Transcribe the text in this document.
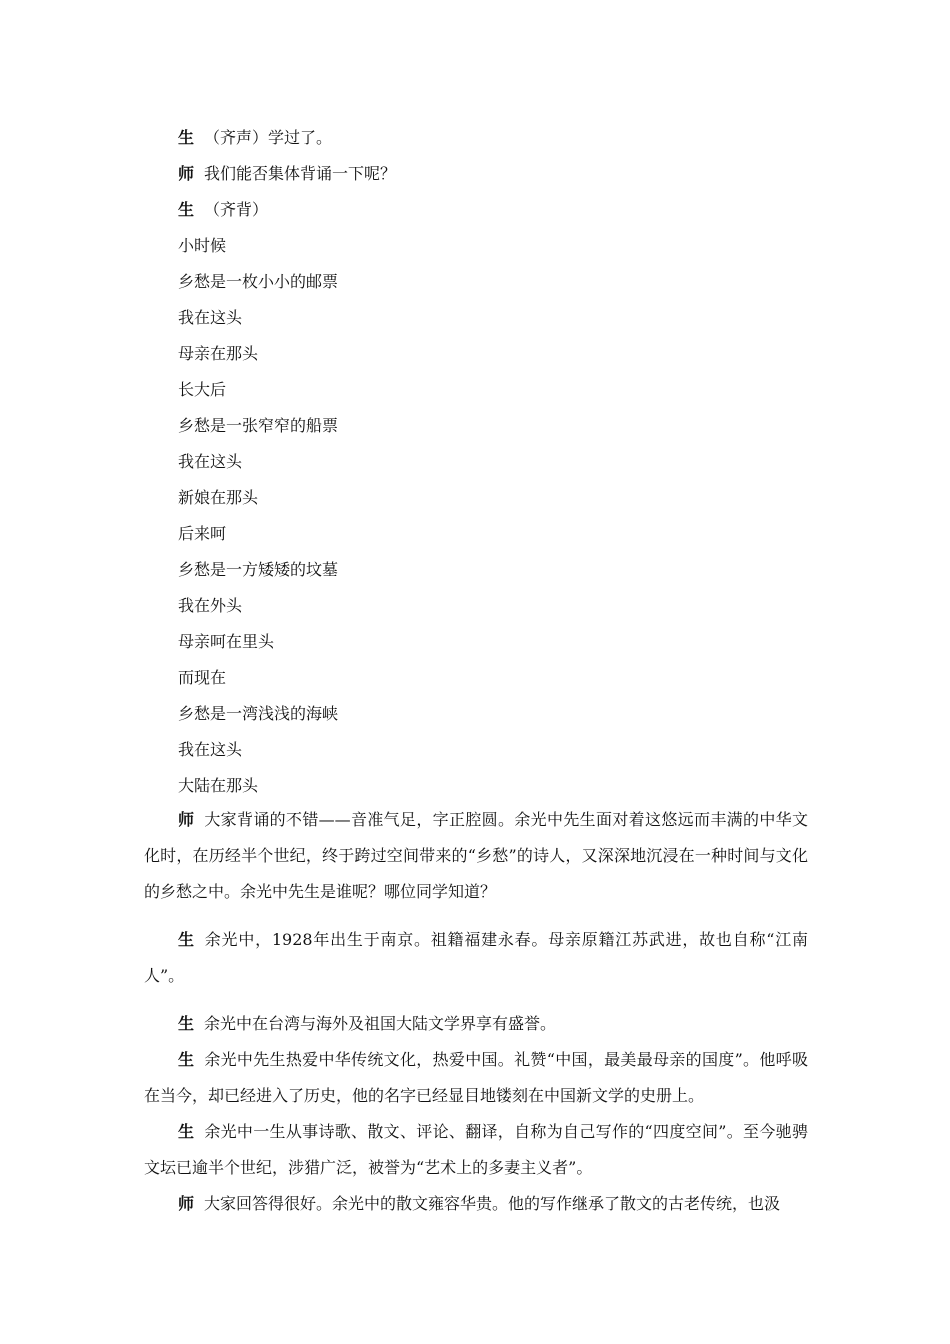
生 （齐声）学过了。
师 我们能否集体背诵一下呢？
生 （齐背）
小时候
乡愁是一枚小小的邮票
我在这头
母亲在那头
长大后
乡愁是一张窄窄的船票
我在这头
新娘在那头
后来呵
乡愁是一方矮矮的坟墓
我在外头
母亲呵在里头
而现在
乡愁是一湾浅浅的海峡
我在这头
大陆在那头
师 大家背诵的不错——音准气足，字正腔圆。余光中先生面对着这悠远而丰满的中华文化时，在历经半个世纪，终于跨过空间带来的“乡愁”的诗人，又深深地沉浸在一种时间与文化的乡愁之中。余光中先生是谁呢？哪位同学知道？
生 余光中，1928年出生于南京。祖籍福建永春。母亲原籍江苏武进，故也自称“江南人”。
生 余光中在台湾与海外及祖国大陆文学界享有盛誉。
生 余光中先生热爱中华传统文化，热爱中国。礼赞“中国，最美最母亲的国度”。他呼吸在当今，却已经进入了历史，他的名字已经显目地镂刻在中国新文学的史册上。
生 余光中一生从事诗歌、散文、评论、翻译，自称为自己写作的“四度空间”。至今驰骋文坛已逾半个世纪，涉猎广泛，被誉为“艺术上的多妻主义者”。
师 大家回答得很好。余光中的散文雍容华贵。他的写作继承了散文的古老传统，也汲
